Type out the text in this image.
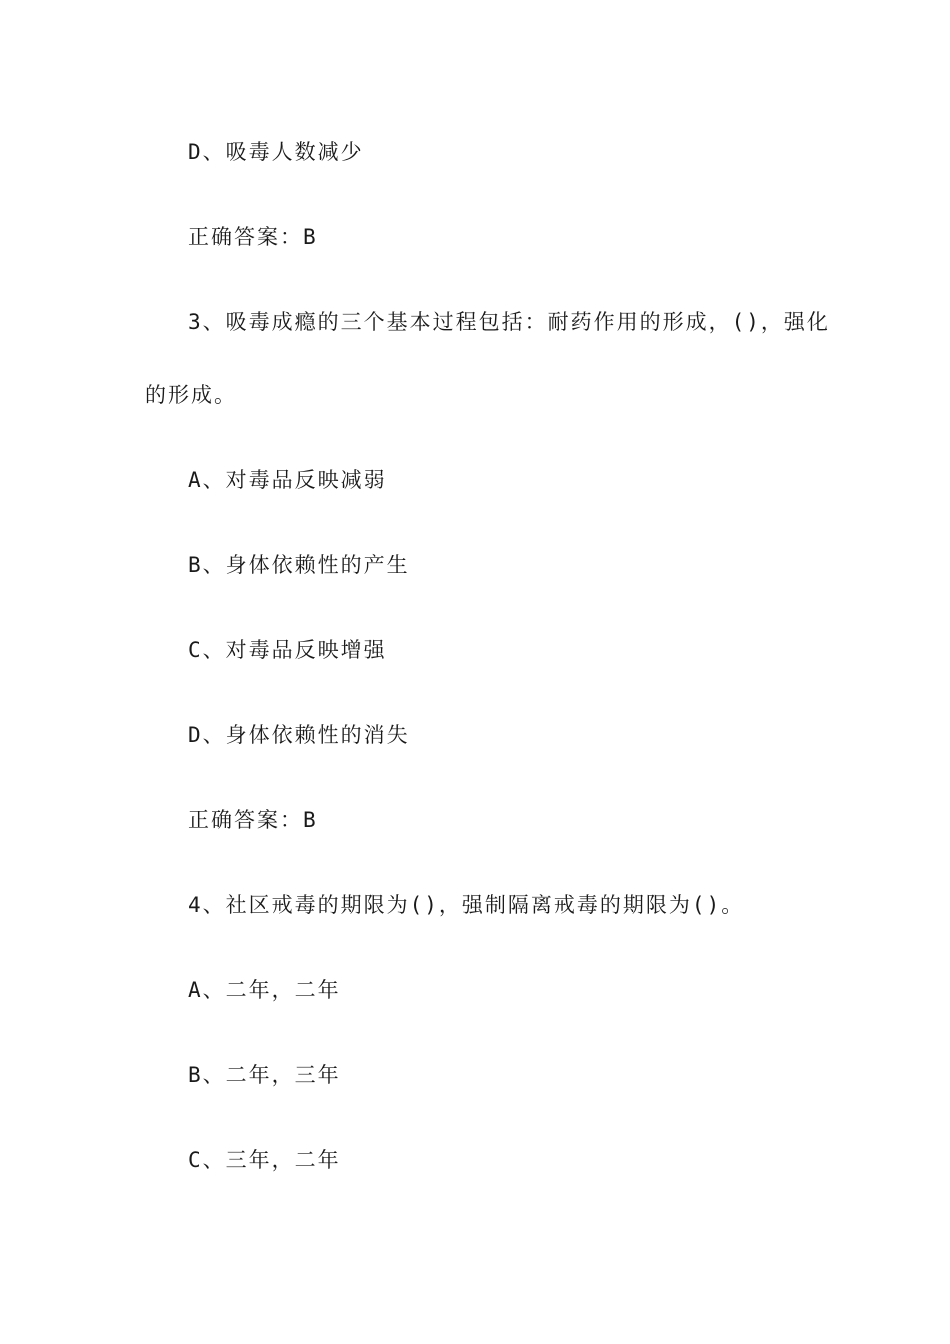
D、吸毒人数减少
正确答案：B
3、吸毒成瘾的三个基本过程包括：耐药作用的形成，()，强化
的形成。
A、对毒品反映减弱
B、身体依赖性的产生
C、对毒品反映增强
D、身体依赖性的消失
正确答案：B
4、社区戒毒的期限为()，强制隔离戒毒的期限为()。
A、二年，二年
B、二年，三年
C、三年，二年
